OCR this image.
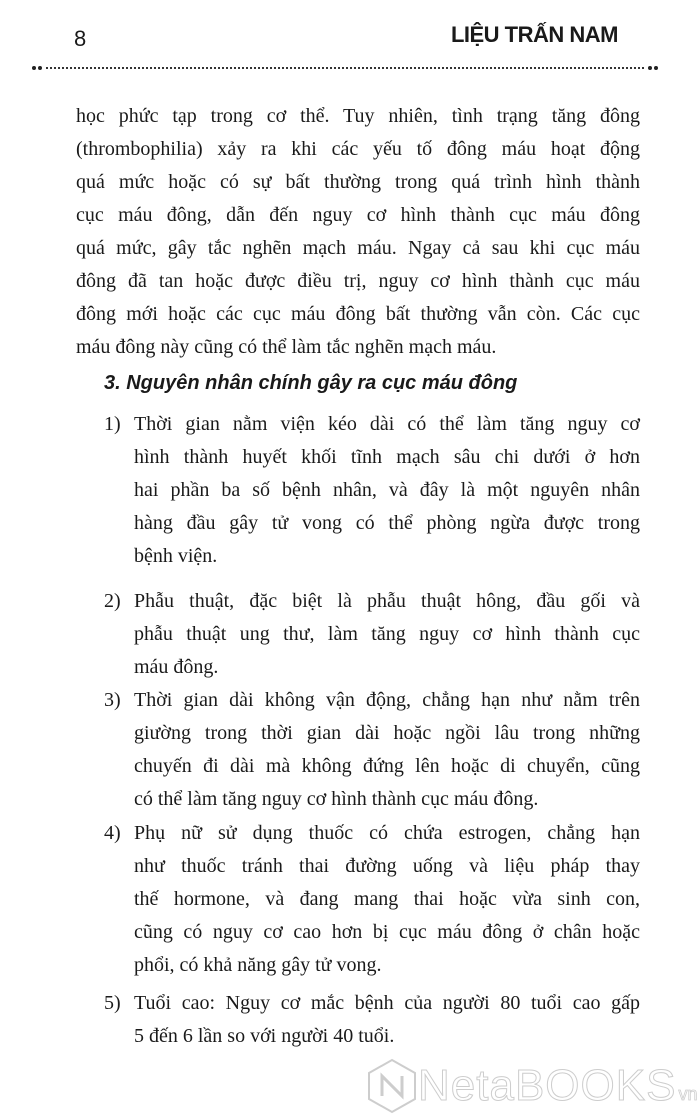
8	LIỆU TRẤN NAM
học phức tạp trong cơ thể. Tuy nhiên, tình trạng tăng đông
(thrombophilia) xảy ra khi các yếu tố đông máu hoạt động
quá mức hoặc có sự bất thường trong quá trình hình thành
cục máu đông, dẫn đến nguy cơ hình thành cục máu đông
quá mức, gây tắc nghẽn mạch máu. Ngay cả sau khi cục máu
đông đã tan hoặc được điều trị, nguy cơ hình thành cục máu
đông mới hoặc các cục máu đông bất thường vẫn còn. Các cục
máu đông này cũng có thể làm tắc nghẽn mạch máu.
3. Nguyên nhân chính gây ra cục máu đông
1) Thời gian nằm viện kéo dài có thể làm tăng nguy cơ
hình thành huyết khối tĩnh mạch sâu chi dưới ở hơn
hai phần ba số bệnh nhân, và đây là một nguyên nhân
hàng đầu gây tử vong có thể phòng ngừa được trong
bệnh viện.
2) Phẫu thuật, đặc biệt là phẫu thuật hông, đầu gối và
phẫu thuật ung thư, làm tăng nguy cơ hình thành cục
máu đông.
3) Thời gian dài không vận động, chẳng hạn như nằm trên
giường trong thời gian dài hoặc ngồi lâu trong những
chuyến đi dài mà không đứng lên hoặc di chuyển, cũng
có thể làm tăng nguy cơ hình thành cục máu đông.
4) Phụ nữ sử dụng thuốc có chứa estrogen, chẳng hạn
như thuốc tránh thai đường uống và liệu pháp thay
thế hormone, và đang mang thai hoặc vừa sinh con,
cũng có nguy cơ cao hơn bị cục máu đông ở chân hoặc
phổi, có khả năng gây tử vong.
5) Tuổi cao: Nguy cơ mắc bệnh của người 80 tuổi cao gấp
5 đến 6 lần so với người 40 tuổi.
NetaBOOKS vn
